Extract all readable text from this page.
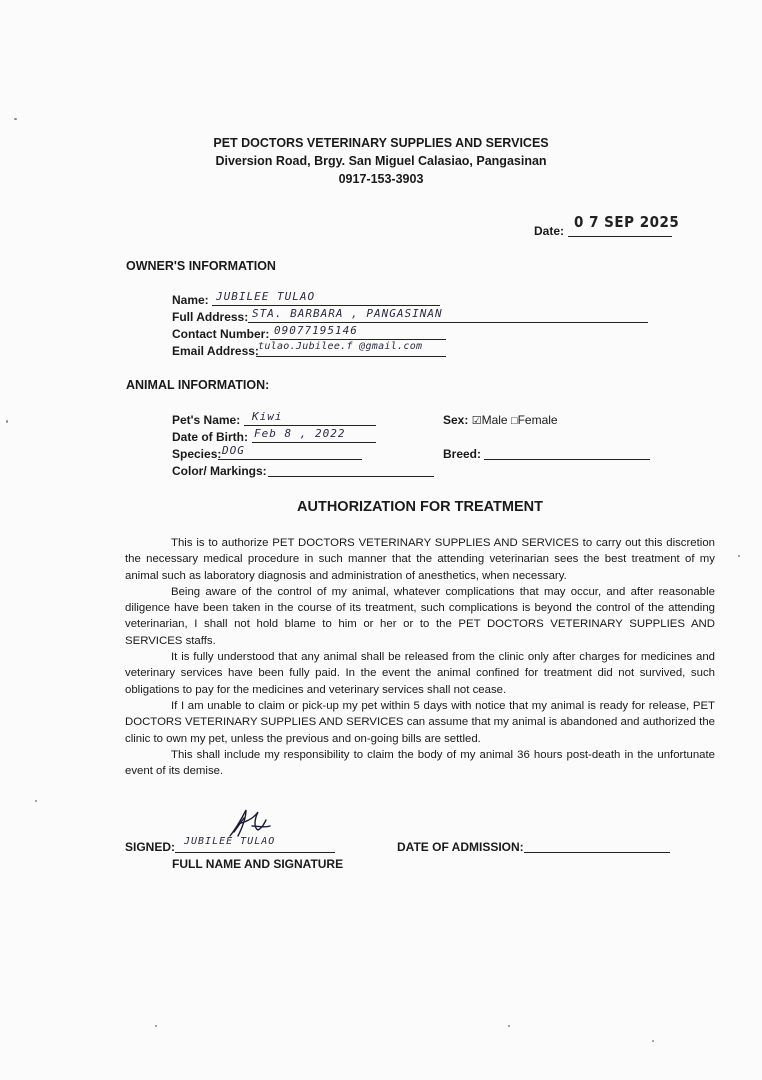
PET DOCTORS VETERINARY SUPPLIES AND SERVICES
Diversion Road, Brgy. San Miguel Calasiao, Pangasinan
0917-153-3903
Date: 0 7 SEP 2025
OWNER'S INFORMATION
Name: JUBILEE TULAO
Full Address: STA. BARBARA , PANGASINAN
Contact Number: 09077195146
Email Address: tulao.Jubilee.f @gmail.com
ANIMAL INFORMATION:
Pet's Name: Kiwi
Date of Birth: Feb 8 , 2022
Species: DOG
Color/ Markings:
Sex: ☑Male □Female
Breed:
AUTHORIZATION FOR TREATMENT

This is to authorize PET DOCTORS VETERINARY SUPPLIES AND SERVICES to carry out this discretion the necessary medical procedure in such manner that the attending veterinarian sees the best treatment of my animal such as laboratory diagnosis and administration of anesthetics, when necessary.

Being aware of the control of my animal, whatever complications that may occur, and after reasonable diligence have been taken in the course of its treatment, such complications is beyond the control of the attending veterinarian, I shall not hold blame to him or her or to the PET DOCTORS VETERINARY SUPPLIES AND SERVICES staffs.

It is fully understood that any animal shall be released from the clinic only after charges for medicines and veterinary services have been fully paid. In the event the animal confined for treatment did not survived, such obligations to pay for the medicines and veterinary services shall not cease.

If I am unable to claim or pick-up my pet within 5 days with notice that my animal is ready for release, PET DOCTORS VETERINARY SUPPLIES AND SERVICES can assume that my animal is abandoned and authorized the clinic to own my pet, unless the previous and on-going bills are settled.

This shall include my responsibility to claim the body of my animal 36 hours post-death in the unfortunate event of its demise.

SIGNED: JUBILEE TULAO
FULL NAME AND SIGNATURE
DATE OF ADMISSION:
